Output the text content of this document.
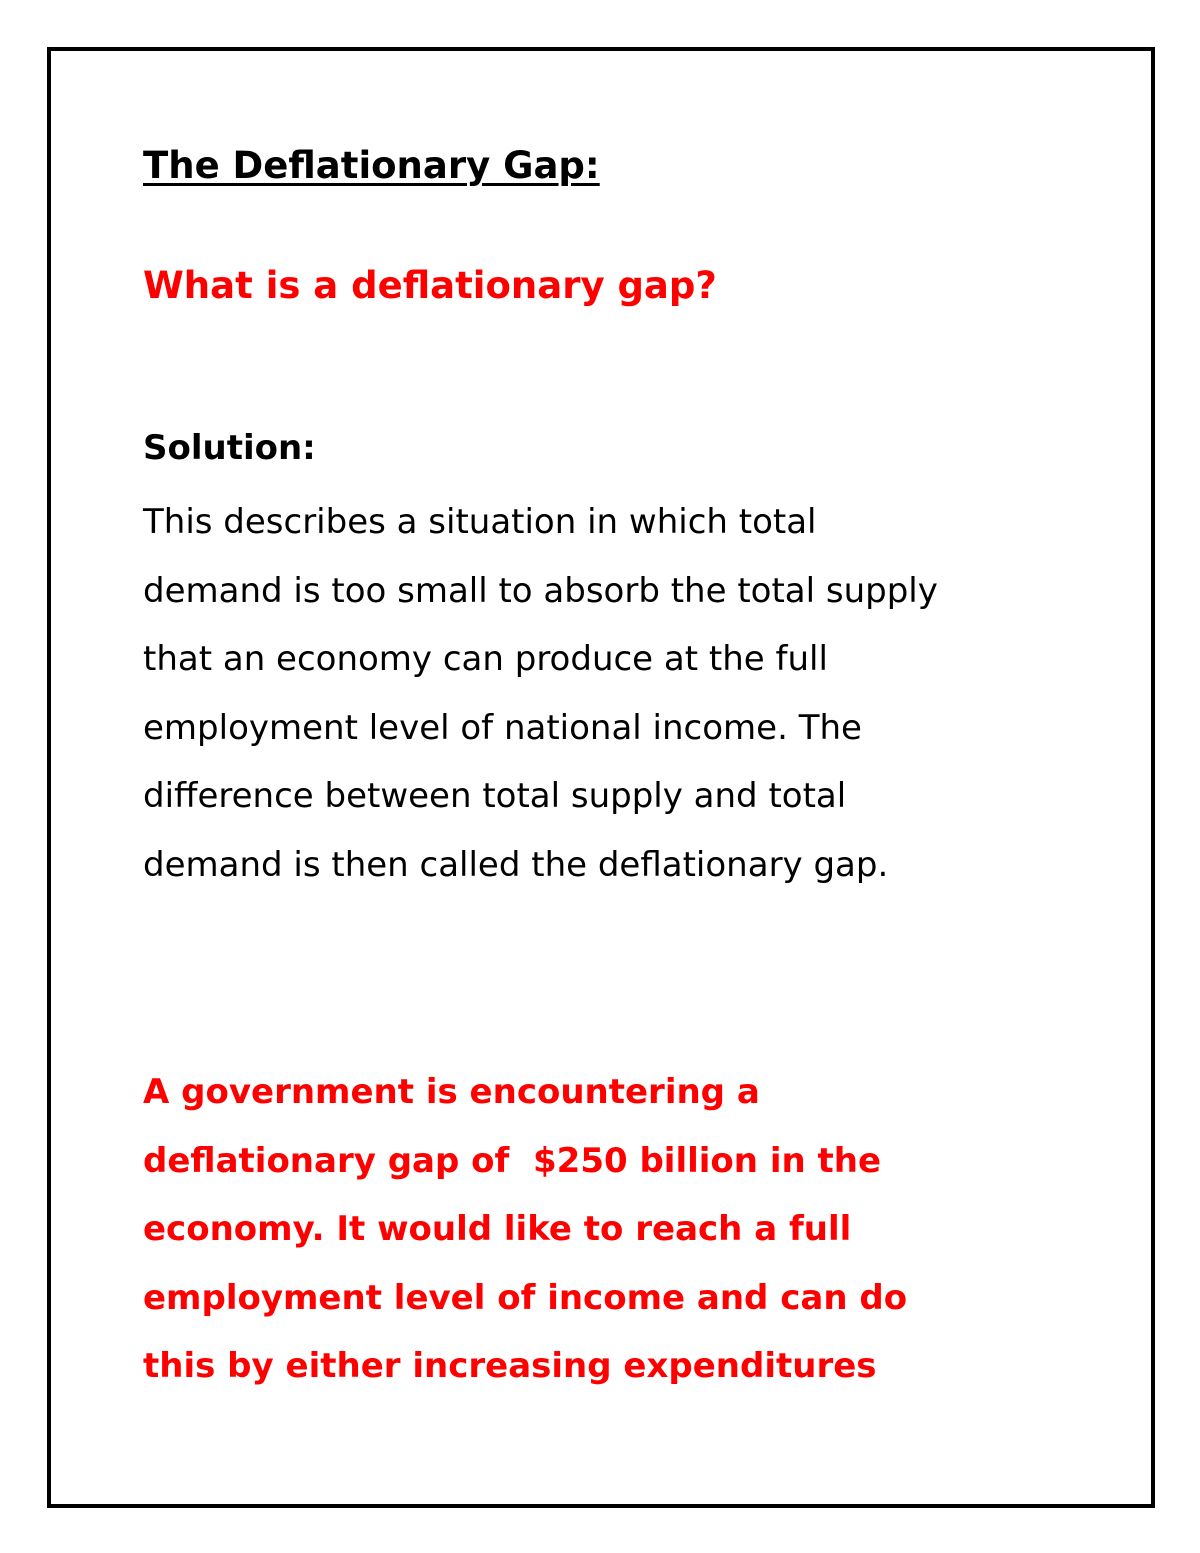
The Deflationary Gap:
What is a deflationary gap?
Solution:
This describes a situation in which total
demand is too small to absorb the total supply
that an economy can produce at the full
employment level of national income. The
difference between total supply and total
demand is then called the deflationary gap.
A government is encountering a
deflationary gap of  $250 billion in the
economy. It would like to reach a full
employment level of income and can do
this by either increasing expenditures
